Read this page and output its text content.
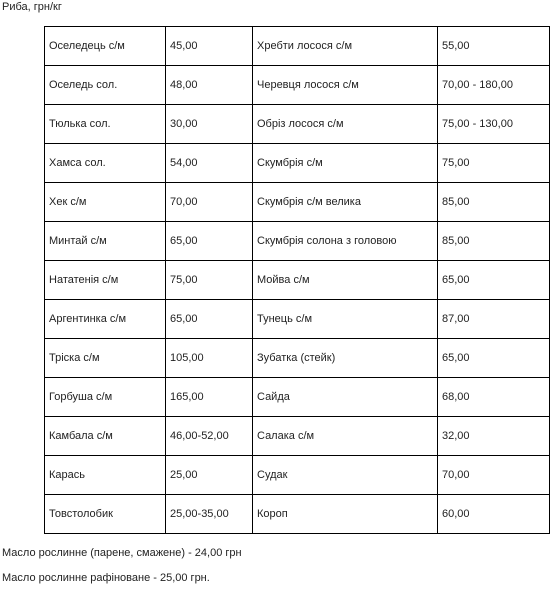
Риба, грн/кг
Оселедець с/м	45,00	Хребти лосося с/м	55,00
Оселедь сол.	48,00	Черевця лосося с/м	70,00 - 180,00
Тюлька сол.	30,00	Обріз лосося с/м	75,00 - 130,00
Хамса сол.	54,00	Скумбрія с/м	75,00
Хек с/м	70,00	Скумбрія с/м велика	85,00
Минтай с/м	65,00	Скумбрія солона з головою	85,00
Нататенія с/м	75,00	Мойва с/м	65,00
Аргентинка с/м	65,00	Тунець с/м	87,00
Тріска с/м	105,00	Зубатка (стейк)	65,00
Горбуша с/м	165,00	Сайда	68,00
Камбала с/м	46,00-52,00	Салака с/м	32,00
Карась	25,00	Судак	70,00
Товстолобик	25,00-35,00	Короп	60,00
Масло рослинне (парене, смажене) - 24,00 грн
Масло рослинне рафіноване - 25,00 грн.
